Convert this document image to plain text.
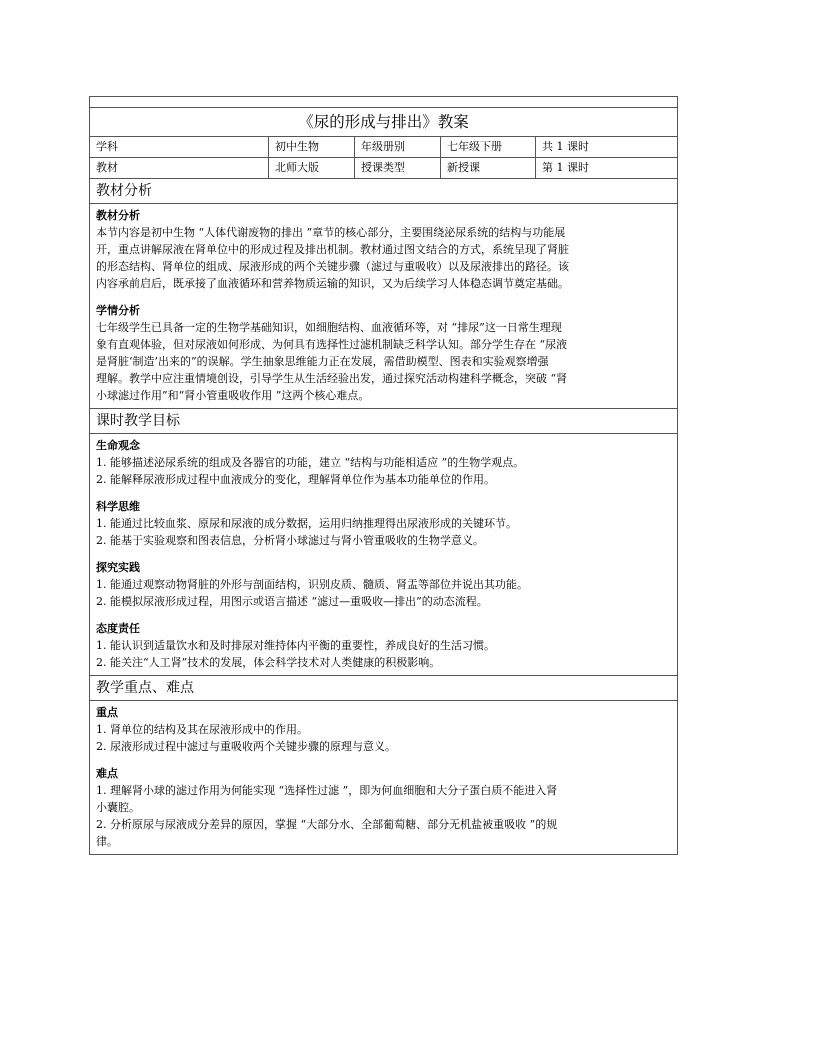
《尿的形成与排出》教案
学科	初中生物	年级册别	七年级下册	共 1 课时
教材	北师大版	授课类型	新授课	第 1 课时
教材分析
教材分析
本节内容是初中生物 “人体代谢废物的排出 ”章节的核心部分，主要围绕泌尿系统的结构与功能展
开，重点讲解尿液在肾单位中的形成过程及排出机制。教材通过图文结合的方式，系统呈现了肾脏
的形态结构、肾单位的组成、尿液形成的两个关键步骤（滤过与重吸收）以及尿液排出的路径。该
内容承前启后，既承接了血液循环和营养物质运输的知识，又为后续学习人体稳态调节奠定基础。
学情分析
七年级学生已具备一定的生物学基础知识，如细胞结构、血液循环等，对 “排尿”这一日常生理现
象有直观体验，但对尿液如何形成、为何具有选择性过滤机制缺乏科学认知。部分学生存在 “尿液
是肾脏‘制造’出来的”的误解。学生抽象思维能力正在发展，需借助模型、图表和实验观察增强
理解。教学中应注重情境创设，引导学生从生活经验出发，通过探究活动构建科学概念，突破 “肾
小球滤过作用”和“肾小管重吸收作用 ”这两个核心难点。
课时教学目标
生命观念
1. 能够描述泌尿系统的组成及各器官的功能，建立 “结构与功能相适应 ”的生物学观点。
2. 能解释尿液形成过程中血液成分的变化，理解肾单位作为基本功能单位的作用。
科学思维
1. 能通过比较血浆、原尿和尿液的成分数据，运用归纳推理得出尿液形成的关键环节。
2. 能基于实验观察和图表信息，分析肾小球滤过与肾小管重吸收的生物学意义。
探究实践
1. 能通过观察动物肾脏的外形与剖面结构，识别皮质、髓质、肾盂等部位并说出其功能。
2. 能模拟尿液形成过程，用图示或语言描述 “滤过—重吸收—排出”的动态流程。
态度责任
1. 能认识到适量饮水和及时排尿对维持体内平衡的重要性，养成良好的生活习惯。
2. 能关注“人工肾”技术的发展，体会科学技术对人类健康的积极影响。
教学重点、难点
重点
1. 肾单位的结构及其在尿液形成中的作用。
2. 尿液形成过程中滤过与重吸收两个关键步骤的原理与意义。
难点
1. 理解肾小球的滤过作用为何能实现 “选择性过滤 ”，即为何血细胞和大分子蛋白质不能进入肾
小囊腔。
2. 分析原尿与尿液成分差异的原因，掌握 “大部分水、全部葡萄糖、部分无机盐被重吸收 ”的规
律。
